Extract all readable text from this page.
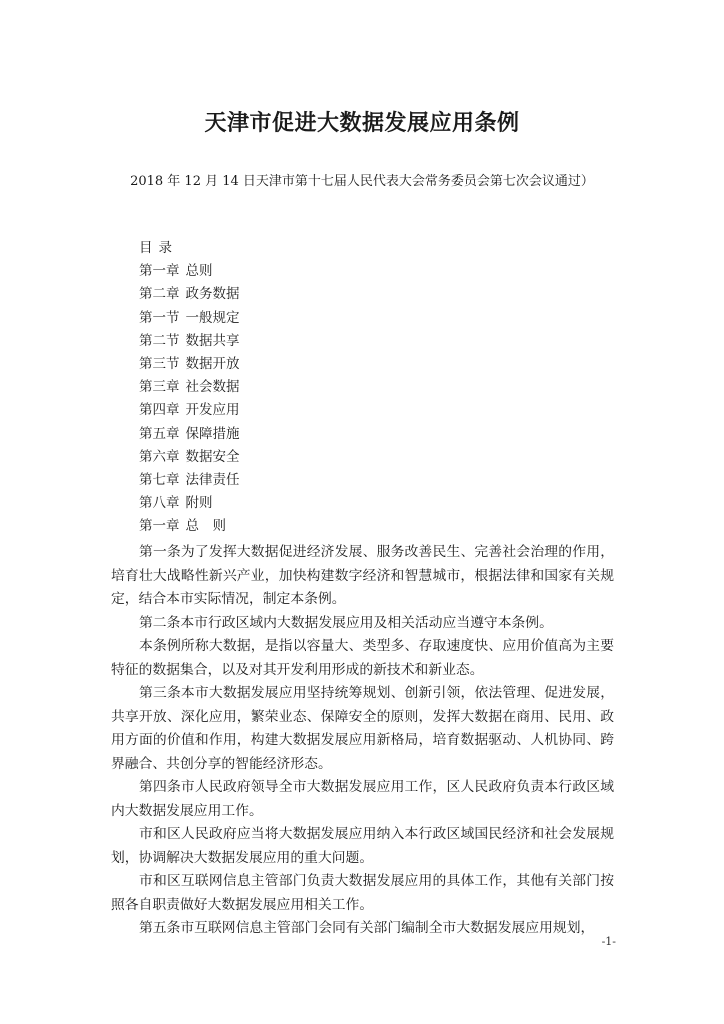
天津市促进大数据发展应用条例

2018 年 12 月 14 日天津市第十七届人民代表大会常务委员会第七次会议通过）

目 录
第一章 总则
第二章 政务数据
第一节 一般规定
第二节 数据共享
第三节 数据开放
第三章 社会数据
第四章 开发应用
第五章 保障措施
第六章 数据安全
第七章 法律责任
第八章 附则
第一章 总　则

第一条为了发挥大数据促进经济发展、服务改善民生、完善社会治理的作用，培育壮大战略性新兴产业，加快构建数字经济和智慧城市，根据法律和国家有关规定，结合本市实际情况，制定本条例。

第二条本市行政区域内大数据发展应用及相关活动应当遵守本条例。

本条例所称大数据，是指以容量大、类型多、存取速度快、应用价值高为主要特征的数据集合，以及对其开发利用形成的新技术和新业态。

第三条本市大数据发展应用坚持统筹规划、创新引领，依法管理、促进发展，共享开放、深化应用，繁荣业态、保障安全的原则，发挥大数据在商用、民用、政用方面的价值和作用，构建大数据发展应用新格局，培育数据驱动、人机协同、跨界融合、共创分享的智能经济形态。

第四条市人民政府领导全市大数据发展应用工作，区人民政府负责本行政区域内大数据发展应用工作。

市和区人民政府应当将大数据发展应用纳入本行政区域国民经济和社会发展规划，协调解决大数据发展应用的重大问题。

市和区互联网信息主管部门负责大数据发展应用的具体工作，其他有关部门按照各自职责做好大数据发展应用相关工作。

第五条市互联网信息主管部门会同有关部门编制全市大数据发展应用规划，

-1-
